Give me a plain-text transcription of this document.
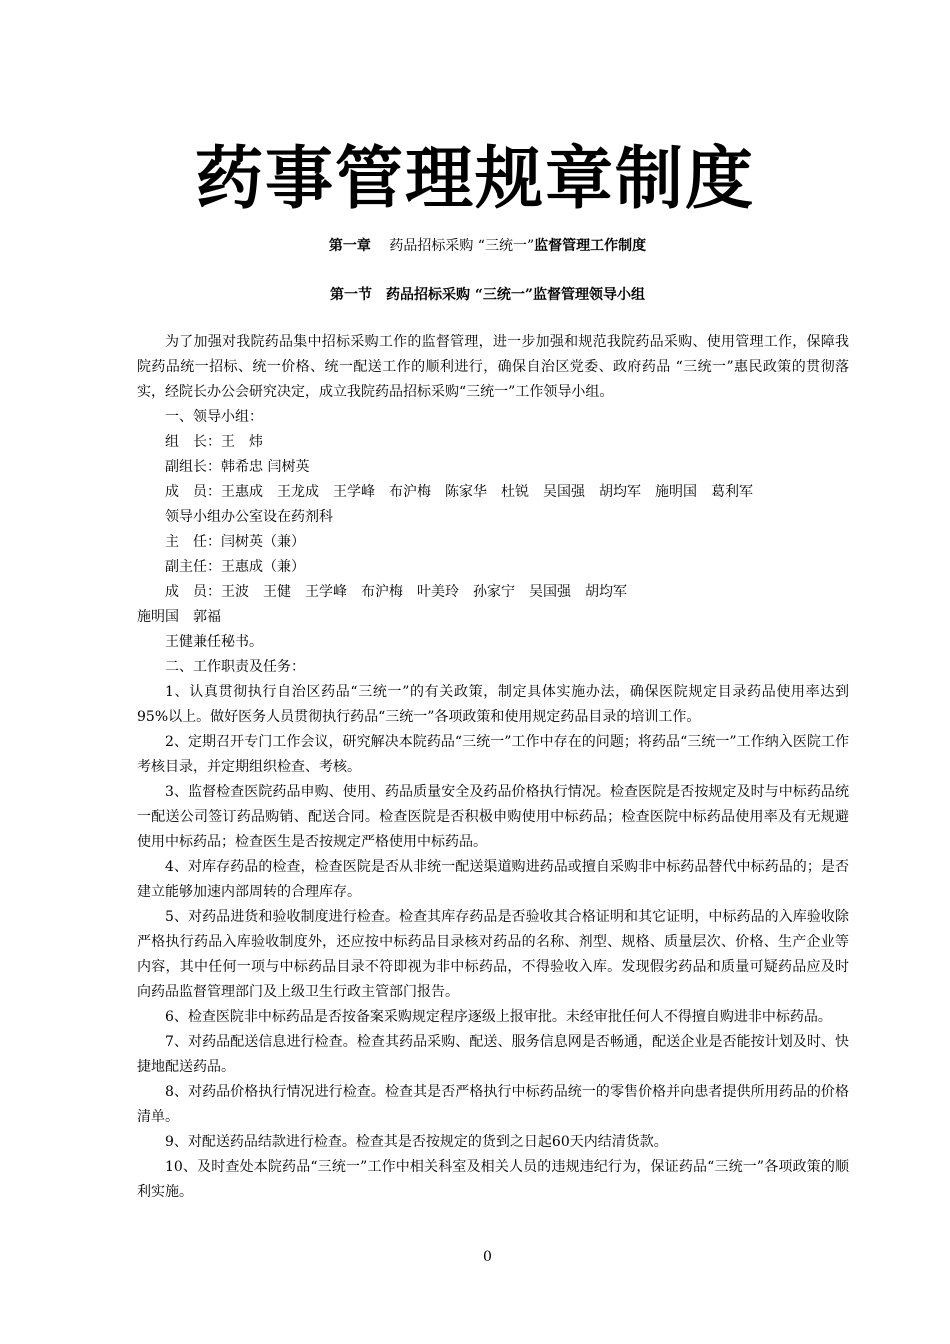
药事管理规章制度
第一章　 药品招标采购 “三统一”监督管理工作制度
第一节　药品招标采购 “三统一”监督管理领导小组

为了加强对我院药品集中招标采购工作的监督管理，进一步加强和规范我院药品采购、使用管理工作，保障我院药品统一招标、统一价格、统一配送工作的顺利进行，确保自治区党委、政府药品 “三统一”惠民政策的贯彻落实，经院长办公会研究决定，成立我院药品招标采购“三统一”工作领导小组。

一、领导小组：

组　长：王　炜

副组长：韩希忠 闫树英

成　员：王惠成　王龙成　王学峰　布沪梅　陈家华　杜锐　吴国强　胡均军　施明国　葛利军

领导小组办公室设在药剂科

主　任：闫树英（兼）

副主任：王惠成（兼）

成　员：王波　王健　王学峰　布沪梅　叶美玲　孙家宁　吴国强　胡均军

施明国　郭福

王健兼任秘书。

二、工作职责及任务：

1、认真贯彻执行自治区药品“三统一”的有关政策，制定具体实施办法，确保医院规定目录药品使用率达到95%以上。做好医务人员贯彻执行药品“三统一”各项政策和使用规定药品目录的培训工作。

2、定期召开专门工作会议，研究解决本院药品“三统一”工作中存在的问题；将药品“三统一”工作纳入医院工作考核目录，并定期组织检查、考核。

3、监督检查医院药品申购、使用、药品质量安全及药品价格执行情况。检查医院是否按规定及时与中标药品统一配送公司签订药品购销、配送合同。检查医院是否积极申购使用中标药品；检查医院中标药品使用率及有无规避使用中标药品；检查医生是否按规定严格使用中标药品。

4、对库存药品的检查，检查医院是否从非统一配送渠道购进药品或擅自采购非中标药品替代中标药品的；是否建立能够加速内部周转的合理库存。

5、对药品进货和验收制度进行检查。检查其库存药品是否验收其合格证明和其它证明，中标药品的入库验收除严格执行药品入库验收制度外，还应按中标药品目录核对药品的名称、剂型、规格、质量层次、价格、生产企业等内容，其中任何一项与中标药品目录不符即视为非中标药品，不得验收入库。发现假劣药品和质量可疑药品应及时向药品监督管理部门及上级卫生行政主管部门报告。

6、检查医院非中标药品是否按备案采购规定程序逐级上报审批。未经审批任何人不得擅自购进非中标药品。

7、对药品配送信息进行检查。检查其药品采购、配送、服务信息网是否畅通，配送企业是否能按计划及时、快捷地配送药品。

8、对药品价格执行情况进行检查。检查其是否严格执行中标药品统一的零售价格并向患者提供所用药品的价格清单。

9、对配送药品结款进行检查。检查其是否按规定的货到之日起60天内结清货款。

10、及时查处本院药品“三统一”工作中相关科室及相关人员的违规违纪行为，保证药品“三统一”各项政策的顺利实施。

0
